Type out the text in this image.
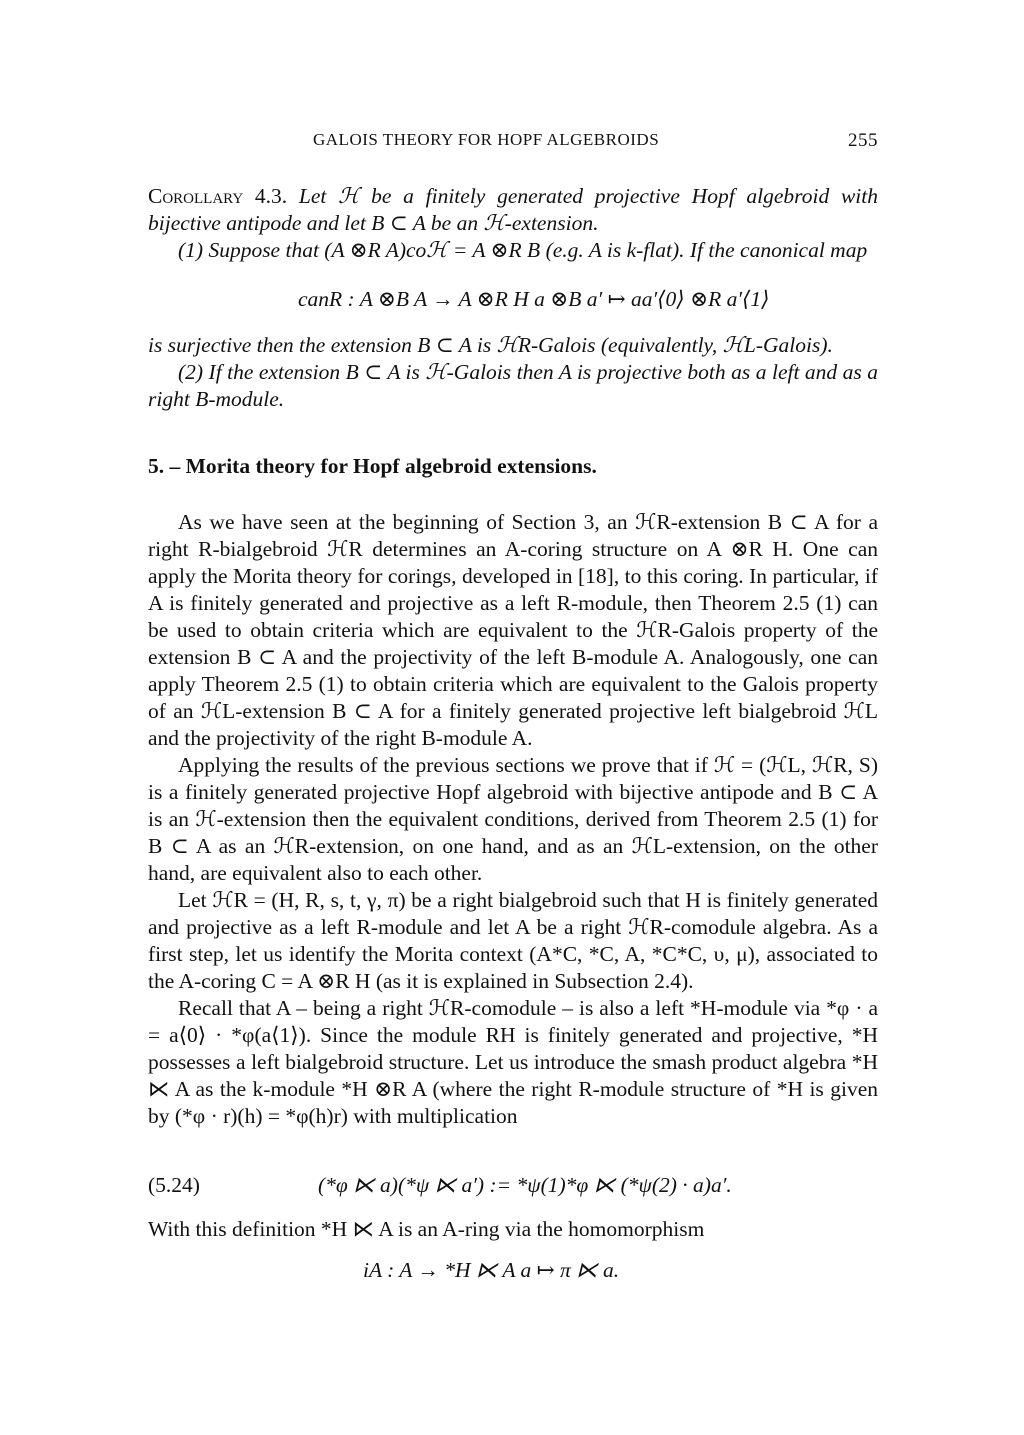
GALOIS THEORY FOR HOPF ALGEBROIDS	255

Corollary 4.3. Let ℋ be a finitely generated projective Hopf algebroid with bijective antipode and let B ⊂ A be an ℋ-extension.

(1) Suppose that (A ⊗R A)coℋ = A ⊗R B (e.g. A is k-flat). If the canonical map

canR : A ⊗B A → A ⊗R H a ⊗B a′ ↦ aa′⟨0⟩ ⊗R a′⟨1⟩

is surjective then the extension B ⊂ A is ℋR-Galois (equivalently, ℋL-Galois).

(2) If the extension B ⊂ A is ℋ-Galois then A is projective both as a left and as a right B-module.

5. – Morita theory for Hopf algebroid extensions.

As we have seen at the beginning of Section 3, an ℋR-extension B ⊂ A for a right R-bialgebroid ℋR determines an A-coring structure on A ⊗R H. One can apply the Morita theory for corings, developed in [18], to this coring. In particular, if A is finitely generated and projective as a left R-module, then Theorem 2.5 (1) can be used to obtain criteria which are equivalent to the ℋR-Galois property of the extension B ⊂ A and the projectivity of the left B-module A. Analogously, one can apply Theorem 2.5 (1) to obtain criteria which are equivalent to the Galois property of an ℋL-extension B ⊂ A for a finitely generated projective left bialgebroid ℋL and the projectivity of the right B-module A.

Applying the results of the previous sections we prove that if ℋ = (ℋL, ℋR, S) is a finitely generated projective Hopf algebroid with bijective antipode and B ⊂ A is an ℋ-extension then the equivalent conditions, derived from Theorem 2.5 (1) for B ⊂ A as an ℋR-extension, on one hand, and as an ℋL-extension, on the other hand, are equivalent also to each other.

Let ℋR = (H, R, s, t, γ, π) be a right bialgebroid such that H is finitely generated and projective as a left R-module and let A be a right ℋR-comodule algebra. As a first step, let us identify the Morita context (A*C, *C, A, *C*C, υ, μ), associated to the A-coring C = A ⊗R H (as it is explained in Subsection 2.4).

Recall that A – being a right ℋR-comodule – is also a left *H-module via *φ · a = a⟨0⟩ · *φ(a⟨1⟩). Since the module RH is finitely generated and projective, *H possesses a left bialgebroid structure. Let us introduce the smash product algebra *H ⋉ A as the k-module *H ⊗R A (where the right R-module structure of *H is given by (*φ · r)(h) = *φ(h)r) with multiplication

(5.24)	(*φ ⋉ a)(*ψ ⋉ a′) := *ψ(1)*φ ⋉ (*ψ(2) · a)a′.

With this definition *H ⋉ A is an A-ring via the homomorphism

iA : A → *H ⋉ A a ↦ π ⋉ a.
